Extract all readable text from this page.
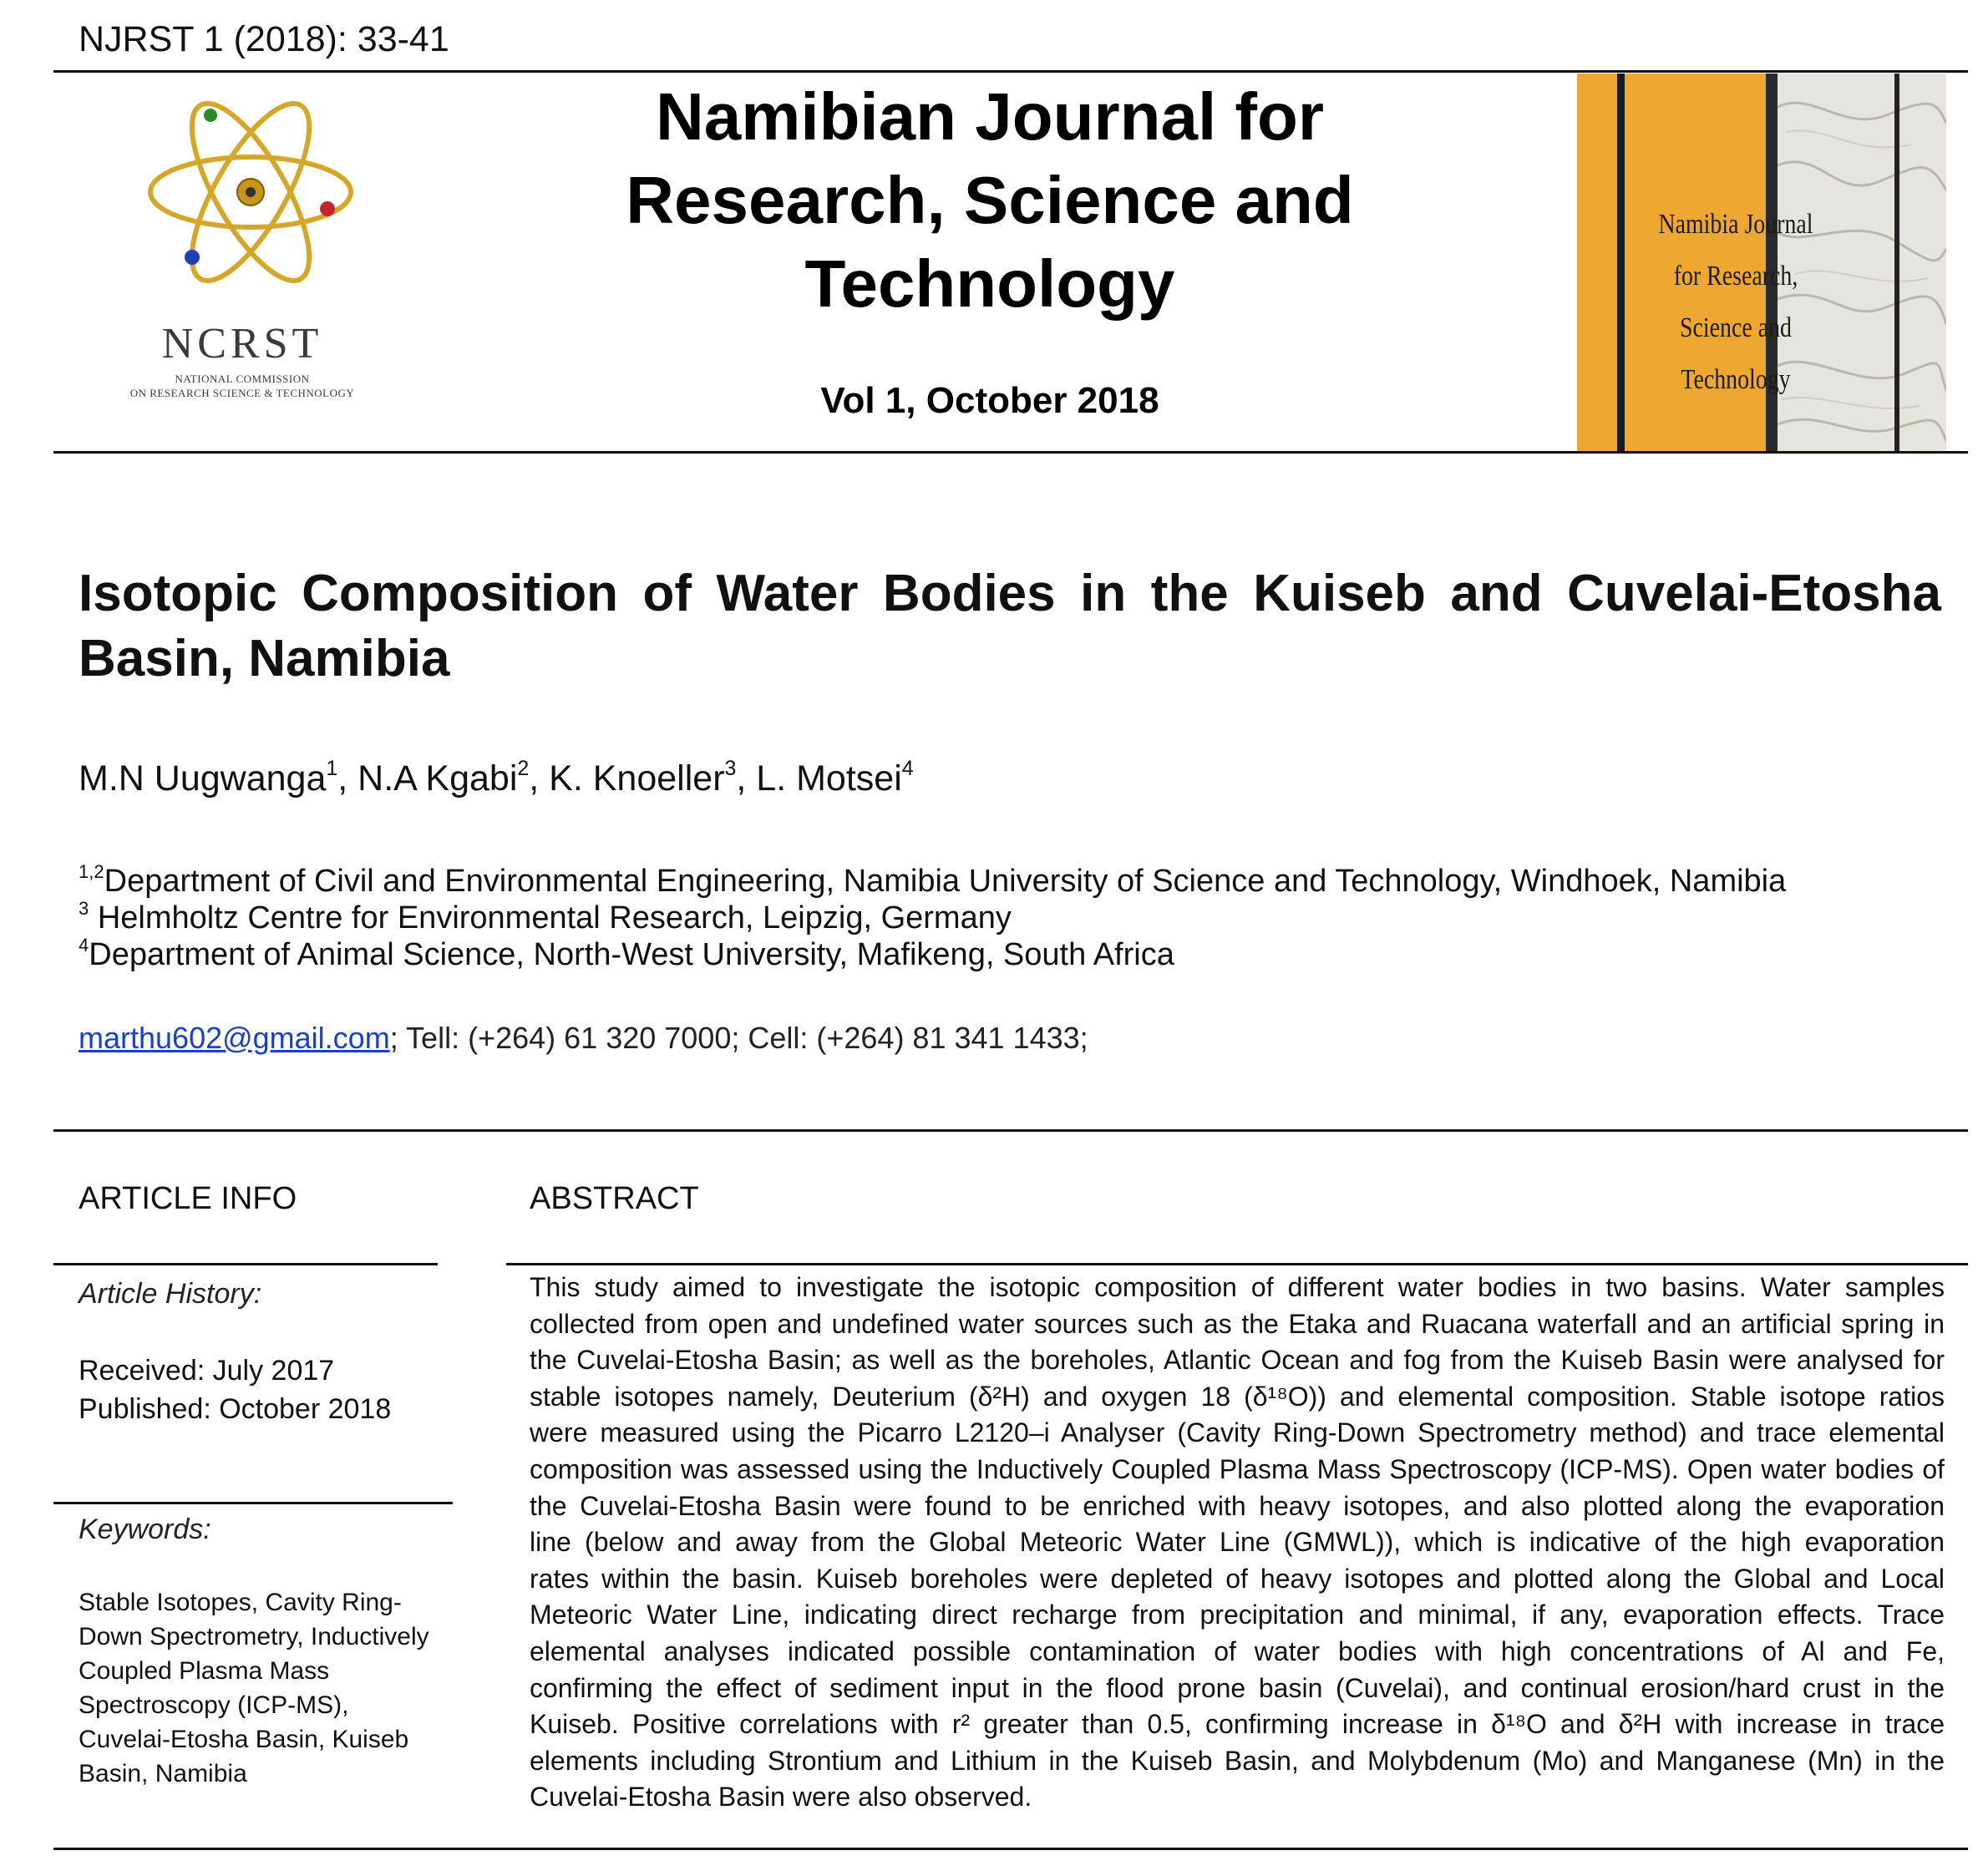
NJRST 1 (2018): 33-41
NCRST
NATIONAL COMMISSION
ON RESEARCH SCIENCE & TECHNOLOGY
Namibian Journal for Research, Science and Technology
Vol 1, October 2018
Namibia Journal for Research, Science and Technology
Isotopic Composition of Water Bodies in the Kuiseb and Cuvelai-Etosha Basin, Namibia
M.N Uugwanga$^1$, N.A Kgabi$^2$, K. Knoeller$^3$, L. Motsei$^4$
$^{1,2}$Department of Civil and Environmental Engineering, Namibia University of Science and Technology, Windhoek, Namibia
$^3$ Helmholtz Centre for Environmental Research, Leipzig, Germany
$^4$Department of Animal Science, North-West University, Mafikeng, South Africa
marthu602@gmail.com; Tell: (+264) 61 320 7000; Cell: (+264) 81 341 1433;
ARTICLE INFO	ABSTRACT
Article History:
Received: July 2017
Published: October 2018
Keywords:
Stable Isotopes, Cavity Ring-Down Spectrometry, Inductively Coupled Plasma Mass Spectroscopy (ICP-MS), Cuvelai-Etosha Basin, Kuiseb Basin, Namibia
This study aimed to investigate the isotopic composition of different water bodies in two basins. Water samples
collected from open and undefined water sources such as the Etaka and Ruacana waterfall and an artificial spring in
the Cuvelai-Etosha Basin; as well as the boreholes, Atlantic Ocean and fog from the Kuiseb Basin were analysed for
stable isotopes namely, Deuterium (δ²H) and oxygen 18 (δ¹⁸O)) and elemental composition. Stable isotope ratios
were measured using the Picarro L2120–i Analyser (Cavity Ring-Down Spectrometry method) and trace elemental
composition was assessed using the Inductively Coupled Plasma Mass Spectroscopy (ICP-MS). Open water bodies of
the Cuvelai-Etosha Basin were found to be enriched with heavy isotopes, and also plotted along the evaporation
line (below and away from the Global Meteoric Water Line (GMWL)), which is indicative of the high evaporation
rates within the basin. Kuiseb boreholes were depleted of heavy isotopes and plotted along the Global and Local
Meteoric Water Line, indicating direct recharge from precipitation and minimal, if any, evaporation effects. Trace
elemental analyses indicated possible contamination of water bodies with high concentrations of Al and Fe,
confirming the effect of sediment input in the flood prone basin (Cuvelai), and continual erosion/hard crust in the
Kuiseb. Positive correlations with r² greater than 0.5, confirming increase in δ¹⁸O and δ²H with increase in trace
elements including Strontium and Lithium in the Kuiseb Basin, and Molybdenum (Mo) and Manganese (Mn) in the
Cuvelai-Etosha Basin were also observed.
